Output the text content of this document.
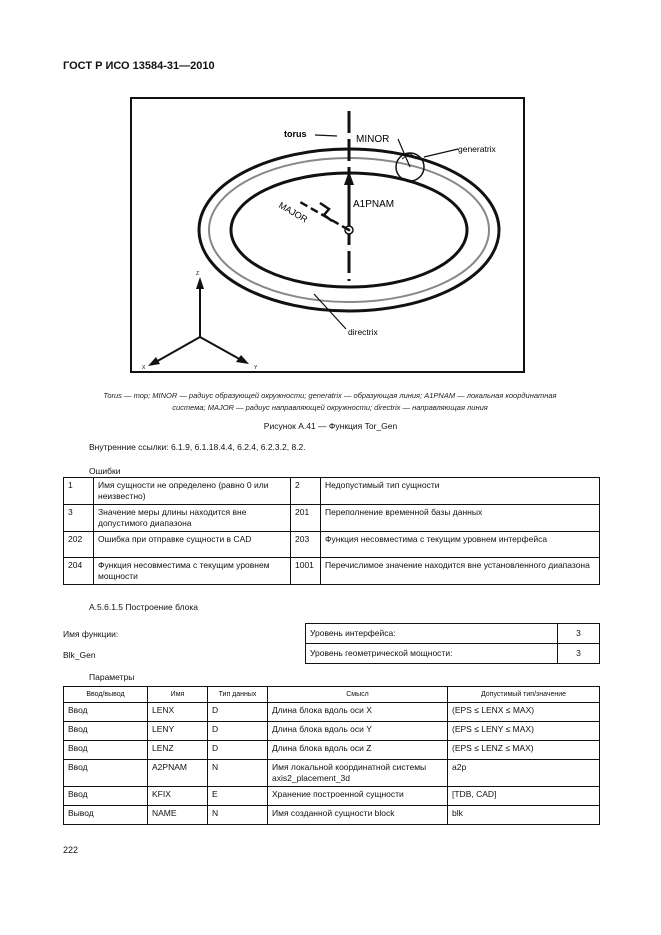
ГОСТ Р ИСО 13584-31—2010
torus	MINOR
generatrix
MAJOR	A1PNAM
directrix
Z
X	Y
Torus — тор; MINOR — радиус образующей окружности; generatrix — образующая линия; A1PNAM — локальная координатная
система; MAJOR — радиус направляющей окружности; directrix — направляющая линия
Рисунок А.41 — Функция Tor_Gen
Внутренние ссылки: 6.1.9, 6.1.18.4.4, 6.2.4, 6.2.3.2, 8.2.
Ошибки
1	Имя сущности не определено (равно 0 или неизвестно)	2	Недопустимый тип сущности
3	Значение меры длины находится вне допустимого диапазона	201	Переполнение временной базы данных
202	Ошибка при отправке сущности в CAD	203	Функция несовместима с текущим уровнем интерфейса
204	Функция несовместима с текущим уровнем мощности	1001	Перечислимое значение находится вне установленного диапазона
A.5.6.1.5 Построение блока
Имя функции:
Blk_Gen
Уровень интерфейса:	3
Уровень геометрической мощности:	3
Параметры
Ввод/вывод	Имя	Тип данных	Смысл	Допустимый тип/значение
Ввод	LENX	D	Длина блока вдоль оси X	(EPS ≤ LENX ≤ MAX)
Ввод	LENY	D	Длина блока вдоль оси Y	(EPS ≤ LENY ≤ MAX)
Ввод	LENZ	D	Длина блока вдоль оси Z	(EPS ≤ LENZ ≤ MAX)
Ввод	A2PNAM	N	Имя локальной координатной системы axis2_placement_3d	a2p
Ввод	KFIX	E	Хранение построенной сущности	[TDB, CAD]
Вывод	NAME	N	Имя созданной сущности block	blk
222
